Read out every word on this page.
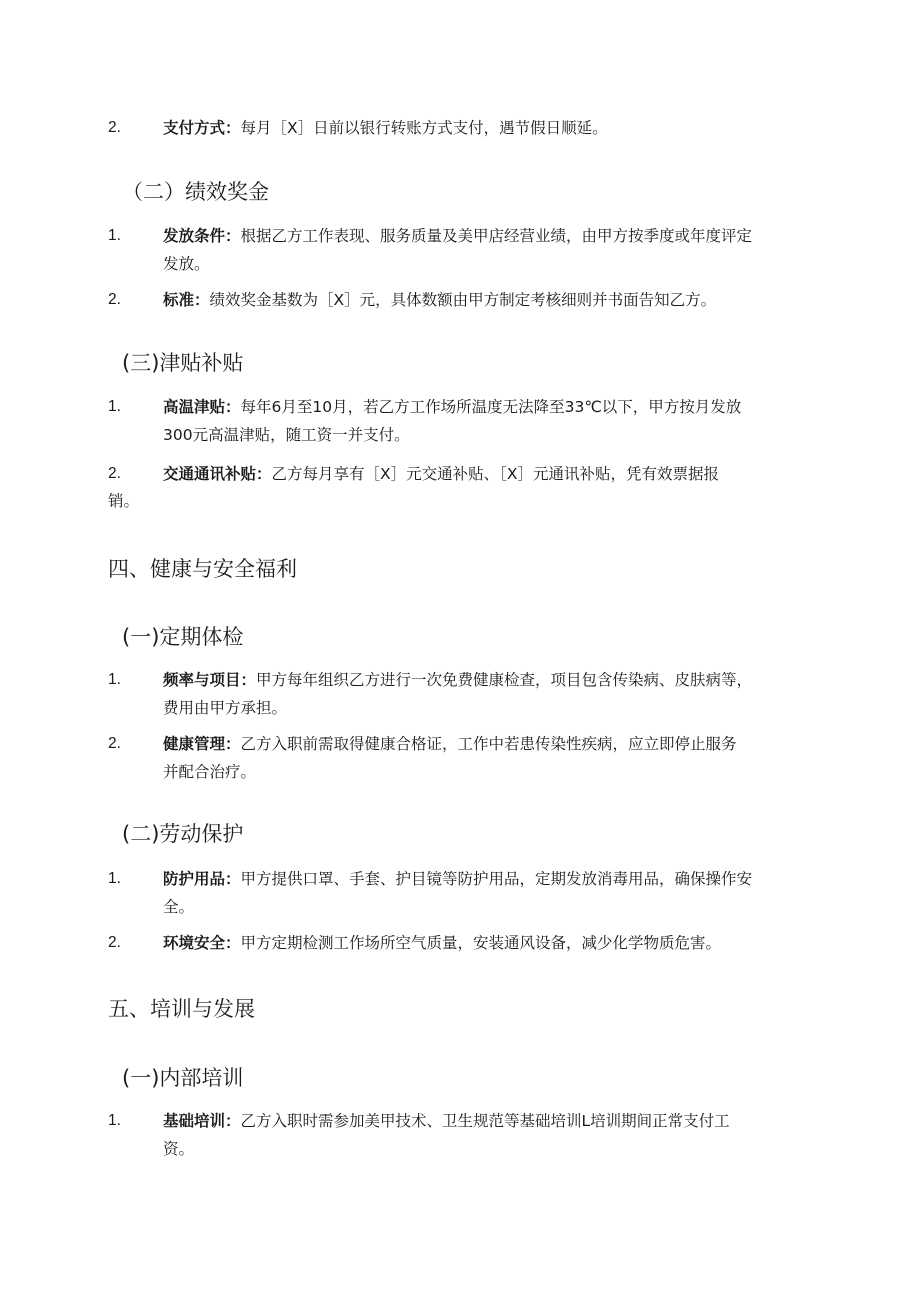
2.	支付方式：每月［X］日前以银行转账方式支付，遇节假日顺延。
（二）绩效奖金
1.	发放条件：根据乙方工作表现、服务质量及美甲店经营业绩，由甲方按季度或年度评定
发放。
2.	标准：绩效奖金基数为［X］元，具体数额由甲方制定考核细则并书面告知乙方。
(三)津贴补贴
1.	高温津贴：每年6月至10月，若乙方工作场所温度无法降至33℃以下，甲方按月发放
300元高温津贴，随工资一并支付。
2.	交通通讯补贴：乙方每月享有［X］元交通补贴、［X］元通讯补贴，凭有效票据报
销。
四、健康与安全福利
(一)定期体检
1.	频率与项目：甲方每年组织乙方进行一次免费健康检查，项目包含传染病、皮肤病等，
费用由甲方承担。
2.	健康管理：乙方入职前需取得健康合格证，工作中若患传染性疾病，应立即停止服务
并配合治疗。
(二)劳动保护
1.	防护用品：甲方提供口罩、手套、护目镜等防护用品，定期发放消毒用品，确保操作安
全。
2.	环境安全：甲方定期检测工作场所空气质量，安装通风设备，减少化学物质危害。
五、培训与发展
(一)内部培训
1.	基础培训：乙方入职时需参加美甲技术、卫生规范等基础培训L培训期间正常支付工
资。
